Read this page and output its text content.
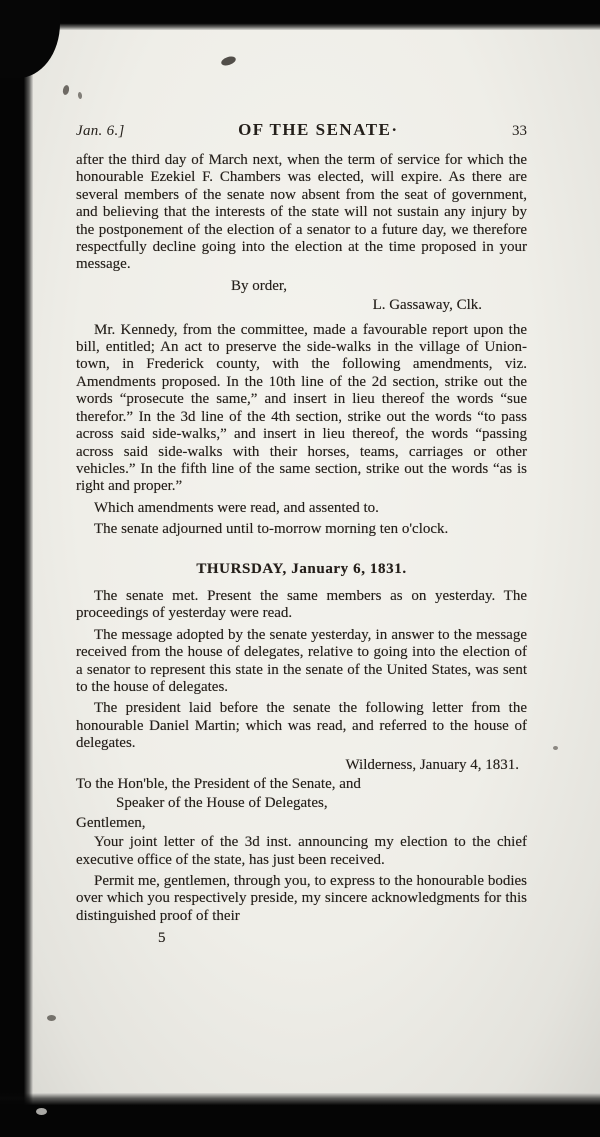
Jan. 6.]	OF THE SENATE·	33

after the third day of March next, when the term of service for which the honourable Ezekiel F. Chambers was elected, will expire. As there are several members of the senate now absent from the seat of government, and believing that the interests of the state will not sustain any injury by the postponement of the election of a senator to a future day, we therefore respectfully decline going into the election at the time proposed in your message.

By order,

L. Gassaway, Clk.

Mr. Kennedy, from the committee, made a favourable report upon the bill, entitled; An act to preserve the side-walks in the village of Union-town, in Frederick county, with the following amendments, viz. Amendments proposed. In the 10th line of the 2d section, strike out the words “prosecute the same,” and insert in lieu thereof the words “sue therefor.” In the 3d line of the 4th section, strike out the words “to pass across said side-walks,” and insert in lieu thereof, the words “passing across said side-walks with their horses, teams, carriages or other vehicles.” In the fifth line of the same section, strike out the words “as is right and proper.”

Which amendments were read, and assented to.

The senate adjourned until to-morrow morning ten o'clock.

THURSDAY, January 6, 1831.

The senate met. Present the same members as on yesterday. The proceedings of yesterday were read.

The message adopted by the senate yesterday, in answer to the message received from the house of delegates, relative to going into the election of a senator to represent this state in the senate of the United States, was sent to the house of delegates.

The president laid before the senate the following letter from the honourable Daniel Martin; which was read, and referred to the house of delegates.

Wilderness, January 4, 1831.

To the Hon'ble, the President of the Senate, and

Speaker of the House of Delegates,

Gentlemen,

Your joint letter of the 3d inst. announcing my election to the chief executive office of the state, has just been received.

Permit me, gentlemen, through you, to express to the honourable bodies over which you respectively preside, my sincere acknowledgments for this distinguished proof of their

5
